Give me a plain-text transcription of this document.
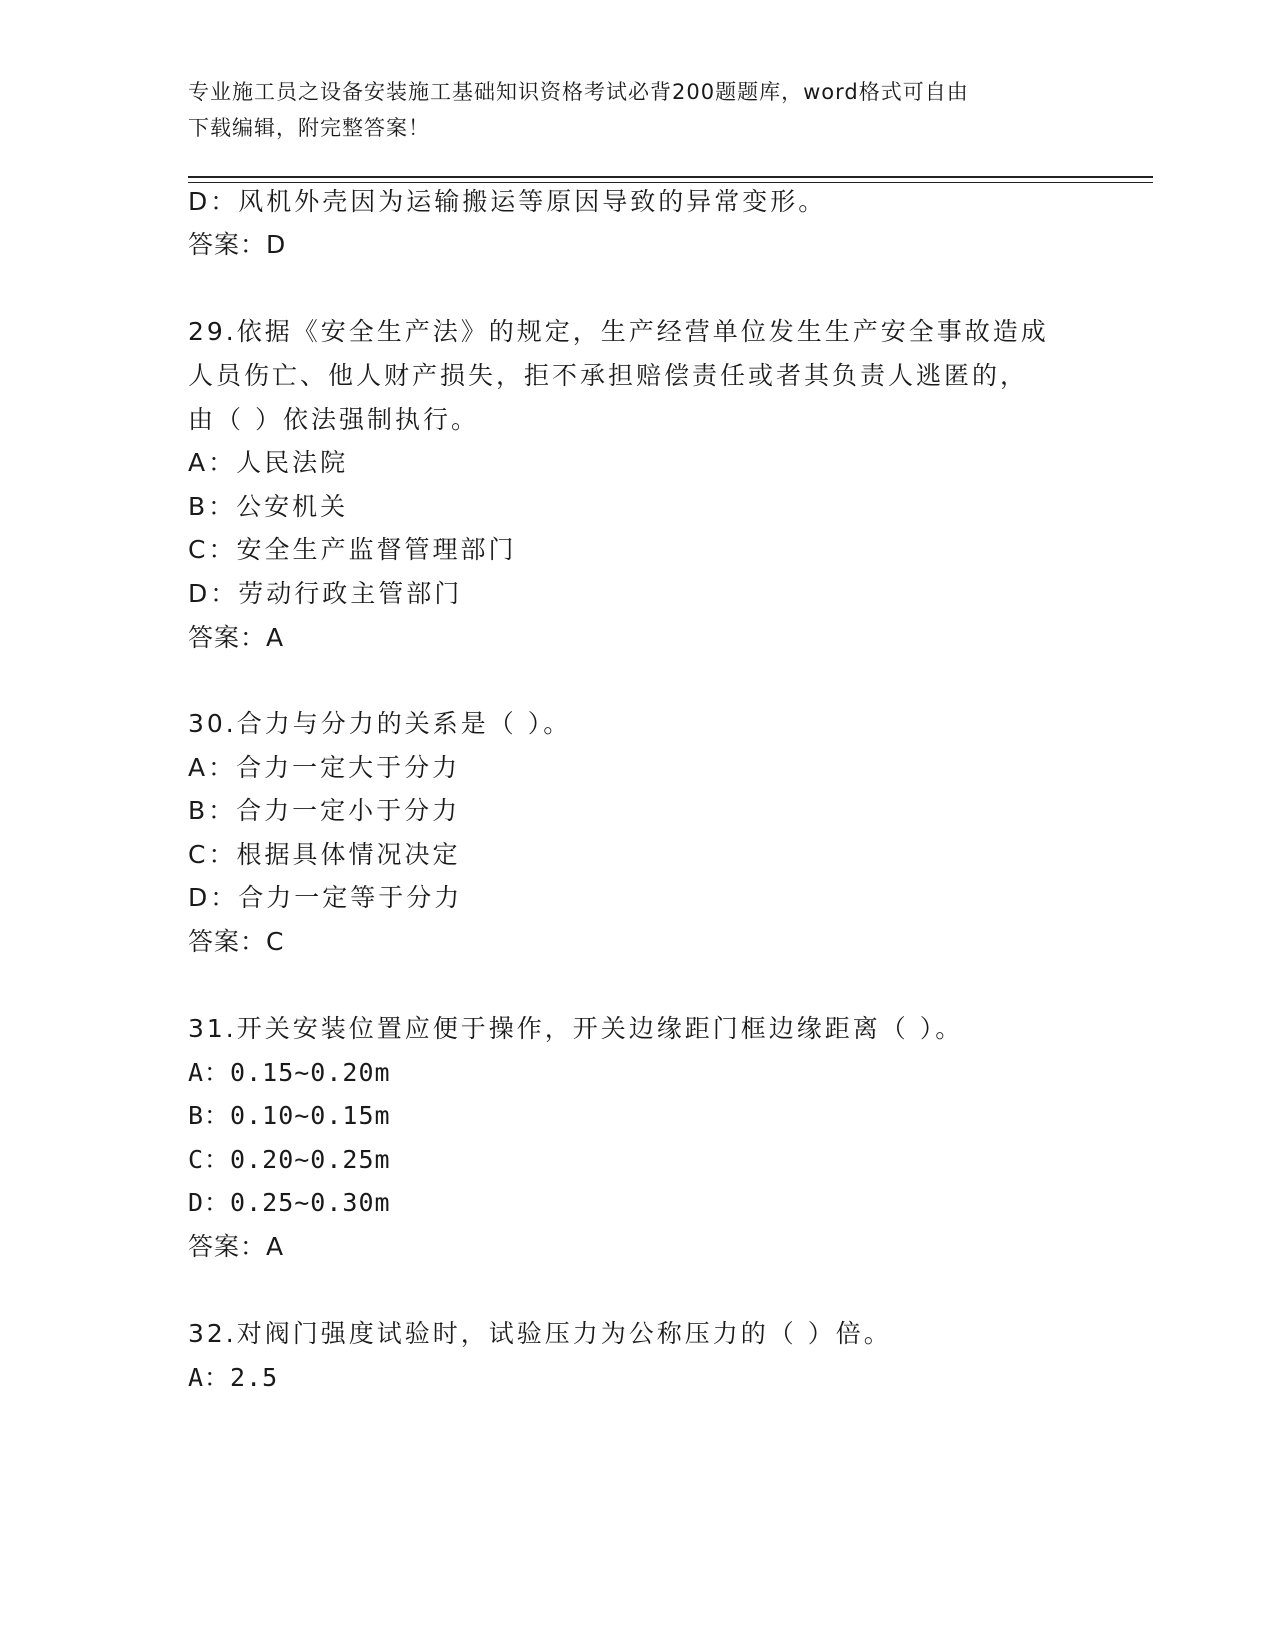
专业施工员之设备安装施工基础知识资格考试必背200题题库，word格式可自由
下载编辑，附完整答案！
D：风机外壳因为运输搬运等原因导致的异常变形。
答案：D
29.依据《安全生产法》的规定，生产经营单位发生生产安全事故造成
人员伤亡、他人财产损失，拒不承担赔偿责任或者其负责人逃匿的，
由（ ）依法强制执行。
A：人民法院
B：公安机关
C：安全生产监督管理部门
D：劳动行政主管部门
答案：A
30.合力与分力的关系是（ ）。
A：合力一定大于分力
B：合力一定小于分力
C：根据具体情况决定
D：合力一定等于分力
答案：C
31.开关安装位置应便于操作，开关边缘距门框边缘距离（ ）。
A：0.15~0.20m
B：0.10~0.15m
C：0.20~0.25m
D：0.25~0.30m
答案：A
32.对阀门强度试验时，试验压力为公称压力的（ ）倍。
A：2.5
